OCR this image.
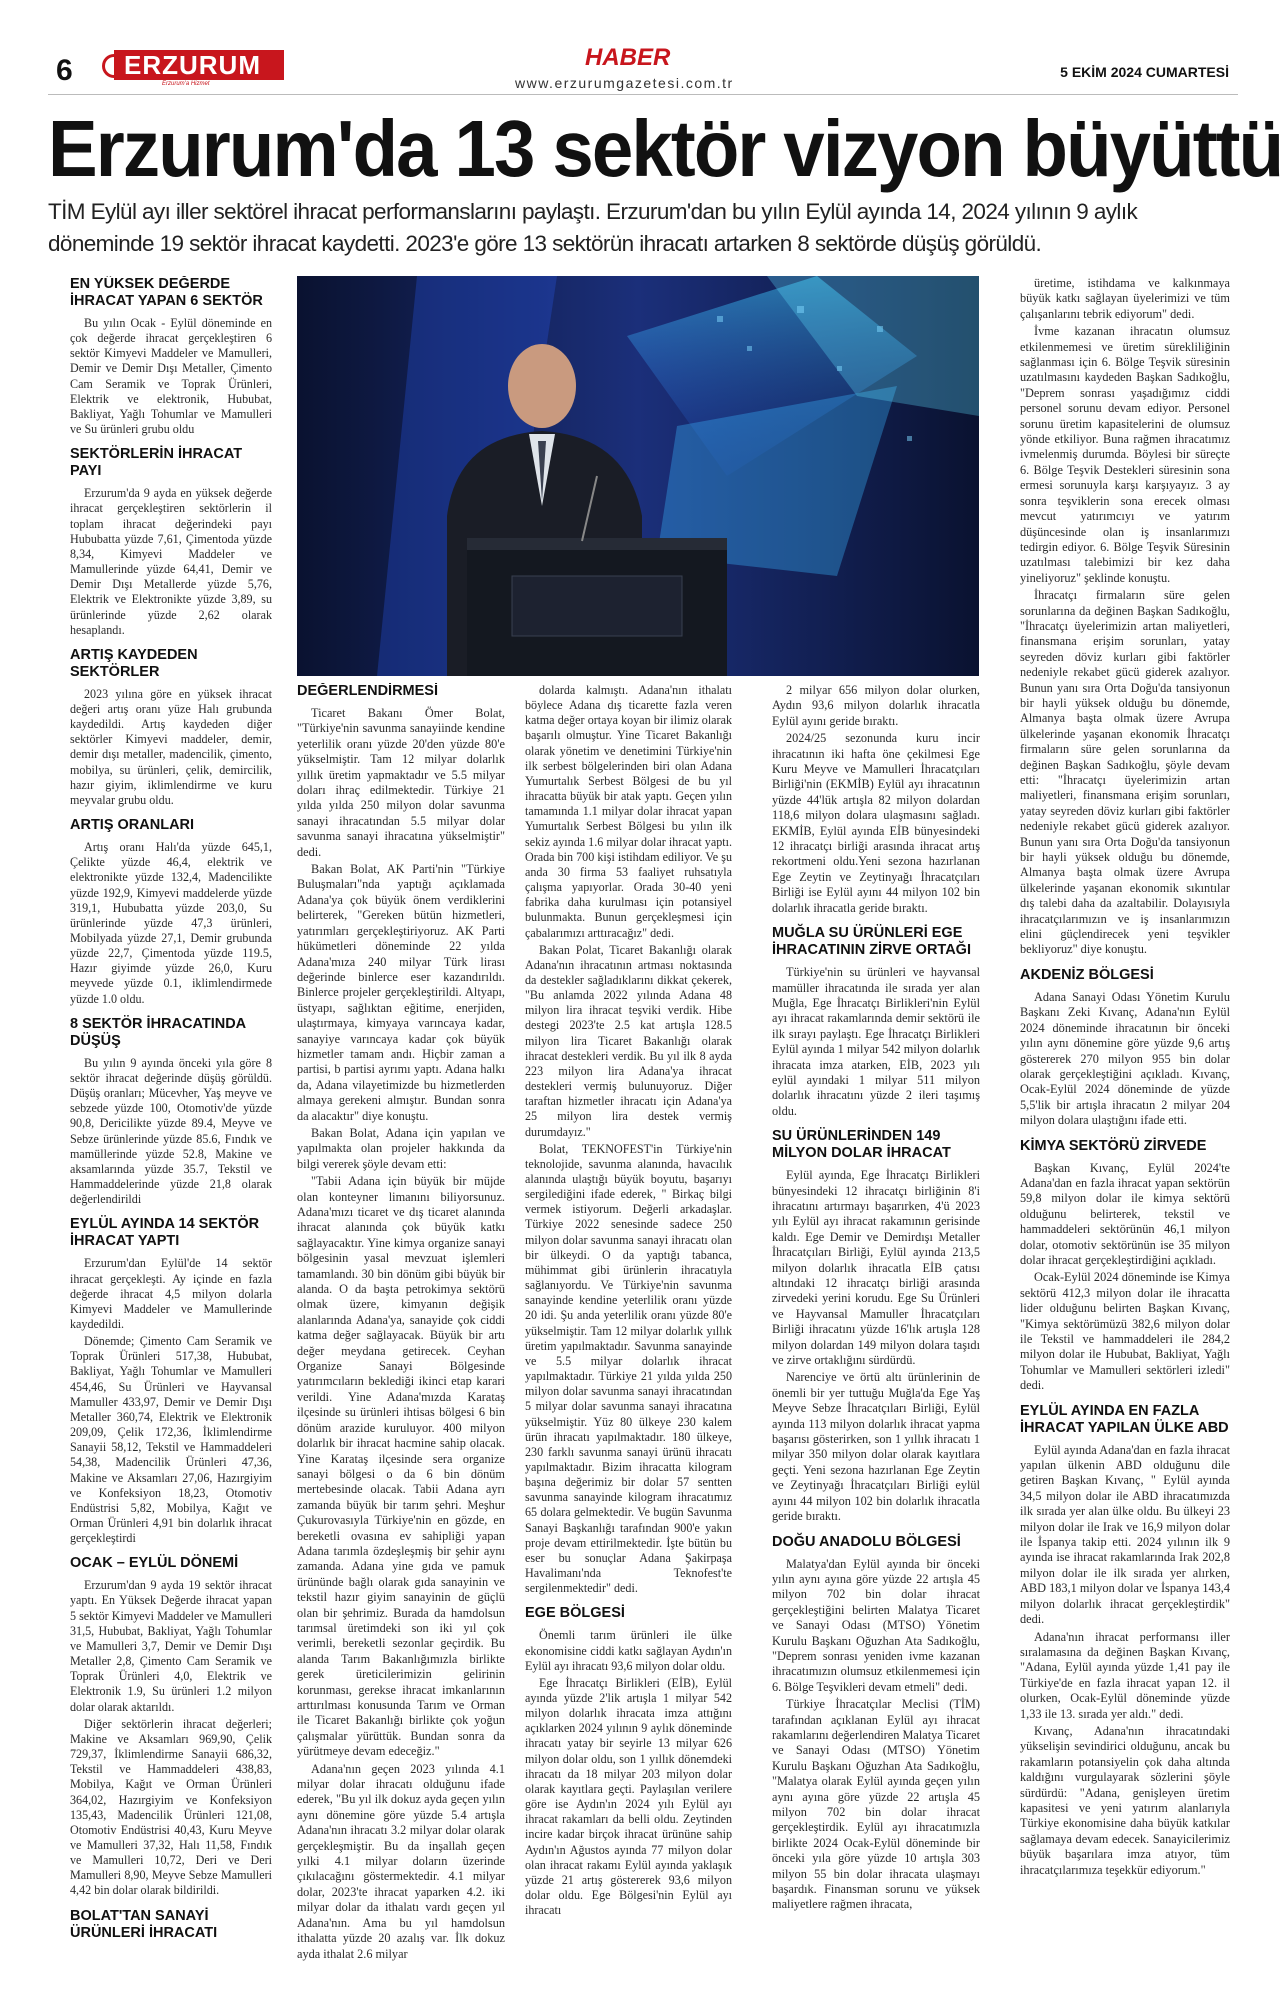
6 ERZURUM
Erzurum'a Hizmet
HABER
www.erzurumgazetesi.com.tr
5 EKİM 2024 CUMARTESİ
Erzurum'da 13 sektör vizyon büyüttü
TİM Eylül ayı iller sektörel ihracat performanslarını paylaştı. Erzurum'dan bu yılın Eylül ayında 14, 2024 yılının 9 aylık döneminde 19 sektör ihracat kaydetti. 2023'e göre 13 sektörün ihracatı artarken 8 sektörde düşüş görüldü.
EN YÜKSEK DEĞERDE İHRACAT YAPAN 6 SEKTÖR

Bu yılın Ocak - Eylül döneminde en çok değerde ihracat gerçekleştiren 6 sektör Kimyevi Maddeler ve Mamulleri, Demir ve Demir Dışı Metaller, Çimento Cam Seramik ve Toprak Ürünleri, Elektrik ve elektronik, Hububat, Bakliyat, Yağlı Tohumlar ve Mamulleri ve Su ürünleri grubu oldu

SEKTÖRLERİN İHRACAT PAYI

Erzurum'da 9 ayda en yüksek değerde ihracat gerçekleştiren sektörlerin il toplam ihracat değerindeki payı Hububatta yüzde 7,61, Çimentoda yüzde 8,34, Kimyevi Maddeler ve Mamullerinde yüzde 64,41, Demir ve Demir Dışı Metallerde yüzde 5,76, Elektrik ve Elektronikte yüzde 3,89, su ürünlerinde yüzde 2,62 olarak hesaplandı.

ARTIŞ KAYDEDEN SEKTÖRLER

2023 yılına göre en yüksek ihracat değeri artış oranı yüze Halı grubunda kaydedildi. Artış kaydeden diğer sektörler Kimyevi maddeler, demir, demir dışı metaller, madencilik, çimento, mobilya, su ürünleri, çelik, demircilik, hazır giyim, iklimlendirme ve kuru meyvalar grubu oldu.

ARTIŞ ORANLARI

Artış oranı Halı'da yüzde 645,1, Çelikte yüzde 46,4, elektrik ve elektronikte yüzde 132,4, Madencilikte yüzde 192,9, Kimyevi maddelerde yüzde 319,1, Hububatta yüzde 203,0, Su ürünlerinde yüzde 47,3 ürünleri, Mobilyada yüzde 27,1, Demir grubunda yüzde 22,7, Çimentoda yüzde 119.5, Hazır giyimde yüzde 26,0, Kuru meyvede yüzde 0.1, iklimlendirmede yüzde 1.0 oldu.

8 SEKTÖR İHRACATINDA DÜŞÜŞ

Bu yılın 9 ayında önceki yıla göre 8 sektör ihracat değerinde düşüş görüldü. Düşüş oranları; Mücevher, Yaş meyve ve sebzede yüzde 100, Otomotiv'de yüzde 90,8, Dericilikte yüzde 89.4, Meyve ve Sebze ürünlerinde yüzde 85.6, Fındık ve mamüllerinde yüzde 52.8, Makine ve aksamlarında yüzde 35.7, Tekstil ve Hammaddelerinde yüzde 21,8 olarak değerlendirildi

EYLÜL AYINDA 14 SEKTÖR İHRACAT YAPTI

Erzurum'dan Eylül'de 14 sektör ihracat gerçekleşti. Ay içinde en fazla değerde ihracat 4,5 milyon dolarla Kimyevi Maddeler ve Mamullerinde kaydedildi.

Dönemde; Çimento Cam Seramik ve Toprak Ürünleri 517,38, Hububat, Bakliyat, Yağlı Tohumlar ve Mamulleri 454,46, Su Ürünleri ve Hayvansal Mamuller 433,97, Demir ve Demir Dışı Metaller 360,74, Elektrik ve Elektronik 209,09, Çelik 172,36, İklimlendirme Sanayii 58,12, Tekstil ve Hammaddeleri 54,38, Madencilik Ürünleri 47,36, Makine ve Aksamları 27,06, Hazırgiyim ve Konfeksiyon 18,23, Otomotiv Endüstrisi 5,82, Mobilya, Kağıt ve Orman Ürünleri 4,91 bin dolarlık ihracat gerçekleştirdi

OCAK – EYLÜL DÖNEMİ

Erzurum'dan 9 ayda 19 sektör ihracat yaptı. En Yüksek Değerde ihracat yapan 5 sektör Kimyevi Maddeler ve Mamulleri 31,5, Hububat, Bakliyat, Yağlı Tohumlar ve Mamulleri 3,7, Demir ve Demir Dışı Metaller 2,8, Çimento Cam Seramik ve Toprak Ürünleri 4,0, Elektrik ve Elektronik 1.9, Su ürünleri 1.2 milyon dolar olarak aktarıldı.

Diğer sektörlerin ihracat değerleri; Makine ve Aksamları 969,90, Çelik 729,37, İklimlendirme Sanayii 686,32, Tekstil ve Hammaddeleri 438,83, Mobilya, Kağıt ve Orman Ürünleri 364,02, Hazırgiyim ve Konfeksiyon 135,43, Madencilik Ürünleri 121,08, Otomotiv Endüstrisi 40,43, Kuru Meyve ve Mamulleri 37,32, Halı 11,58, Fındık ve Mamulleri 10,72, Deri ve Deri Mamulleri 8,90, Meyve Sebze Mamulleri 4,42 bin dolar olarak bildirildi.

BOLAT'TAN SANAYİ ÜRÜNLERİ İHRACATI
DEĞERLENDİRMESİ

Ticaret Bakanı Ömer Bolat, "Türkiye'nin savunma sanayiinde kendine yeterlilik oranı yüzde 20'den yüzde 80'e yükselmiştir. Tam 12 milyar dolarlık yıllık üretim yapmaktadır ve 5.5 milyar doları ihraç edilmektedir. Türkiye 21 yılda yılda 250 milyon dolar savunma sanayi ihracatından 5.5 milyar dolar savunma sanayi ihracatına yükselmiştir" dedi.

Bakan Bolat, AK Parti'nin "Türkiye Buluşmaları"nda yaptığı açıklamada Adana'ya çok büyük önem verdiklerini belirterek, "Gereken bütün hizmetleri, yatırımları gerçekleştiriyoruz. AK Parti hükümetleri döneminde 22 yılda Adana'mıza 240 milyar Türk lirası değerinde binlerce eser kazandırıldı. Binlerce projeler gerçekleştirildi. Altyapı, üstyapı, sağlıktan eğitime, enerjiden, ulaştırmaya, kimyaya varıncaya kadar, sanayiye varıncaya kadar çok büyük hizmetler tamam andı. Hiçbir zaman a partisi, b partisi ayrımı yaptı. Adana halkı da, Adana vilayetimizde bu hizmetlerden almaya gerekeni almıştır. Bundan sonra da alacaktır" diye konuştu.

Bakan Bolat, Adana için yapılan ve yapılmakta olan projeler hakkında da bilgi vererek şöyle devam etti:

"Tabii Adana için büyük bir müjde olan konteyner limanını biliyorsunuz. Adana'mızı ticaret ve dış ticaret alanında ihracat alanında çok büyük katkı sağlayacaktır. Yine kimya organize sanayi bölgesinin yasal mevzuat işlemleri tamamlandı. 30 bin dönüm gibi büyük bir alanda. O da başta petrokimya sektörü olmak üzere, kimyanın değişik alanlarında Adana'ya, sanayide çok ciddi katma değer sağlayacak. Büyük bir artı değer meydana getirecek. Ceyhan Organize Sanayi Bölgesinde yatırımcıların beklediği ikinci etap karari verildi. Yine Adana'mızda Karataş ilçesinde su ürünleri ihtisas bölgesi 6 bin dönüm arazide kuruluyor. 400 milyon dolarlık bir ihracat hacmine sahip olacak. Yine Karataş ilçesinde sera organize sanayi bölgesi o da 6 bin dönüm mertebesinde olacak. Tabii Adana ayrı zamanda büyük bir tarım şehri. Meşhur Çukurovasıyla Türkiye'nin en gözde, en bereketli ovasına ev sahipliği yapan Adana tarımla özdeşleşmiş bir şehir aynı zamanda. Adana yine gıda ve pamuk ürününde bağlı olarak gıda sanayinin ve tekstil hazır giyim sanayinin de güçlü olan bir şehrimiz. Burada da hamdolsun tarımsal üretimdeki son iki yıl çok verimli, bereketli sezonlar geçirdik. Bu alanda Tarım Bakanlığımızla birlikte gerek üreticilerimizin gelirinin korunması, gerekse ihracat imkanlarının arttırılması konusunda Tarım ve Orman ile Ticaret Bakanlığı birlikte çok yoğun çalışmalar yürüttük. Bundan sonra da yürütmeye devam edeceğiz."

Adana'nın geçen 2023 yılında 4.1 milyar dolar ihracatı olduğunu ifade ederek, "Bu yıl ilk dokuz ayda geçen yılın aynı dönemine göre yüzde 5.4 artışla Adana'nın ihracatı 3.2 milyar dolar olarak gerçekleşmiştir. Bu da inşallah geçen yılki 4.1 milyar doların üzerinde çıkılacağını göstermektedir. 4.1 milyar dolar, 2023'te ihracat yaparken 4.2. iki milyar dolar da ithalatı vardı geçen yıl Adana'nın. Ama bu yıl hamdolsun ithalatta yüzde 20 azalış var. İlk dokuz ayda ithalat 2.6 milyar

dolarda kalmıştı. Adana'nın ithalatı böylece Adana dış ticarette fazla veren katma değer ortaya koyan bir ilimiz olarak başarılı olmuştur. Yine Ticaret Bakanlığı olarak yönetim ve denetimini Türkiye'nin ilk serbest bölgelerinden biri olan Adana Yumurtalık Serbest Bölgesi de bu yıl ihracatta büyük bir atak yaptı. Geçen yılın tamamında 1.1 milyar dolar ihracat yapan Yumurtalık Serbest Bölgesi bu yılın ilk sekiz ayında 1.6 milyar dolar ihracat yaptı. Orada bin 700 kişi istihdam ediliyor. Ve şu anda 30 firma 53 faaliyet ruhsatıyla çalışma yapıyorlar. Orada 30-40 yeni fabrika daha kurulması için potansiyel bulunmakta. Bunun gerçekleşmesi için çabalarımızı arttıracağız" dedi.

Bakan Polat, Ticaret Bakanlığı olarak Adana'nın ihracatının artması noktasında da destekler sağladıklarını dikkat çekerek, "Bu anlamda 2022 yılında Adana 48 milyon lira ihracat teşviki verdik. Hibe destegi 2023'te 2.5 kat artışla 128.5 milyon lira Ticaret Bakanlığı olarak ihracat destekleri verdik. Bu yıl ilk 8 ayda 223 milyon lira Adana'ya ihracat destekleri vermiş bulunuyoruz. Diğer taraftan hizmetler ihracatı için Adana'ya 25 milyon lira destek vermiş durumdayız."

Bolat, TEKNOFEST'in Türkiye'nin teknolojide, savunma alanında, havacılık alanında ulaştığı büyük boyutu, başarıyı sergilediğini ifade ederek, " Birkaç bilgi vermek istiyorum. Değerli arkadaşlar. Türkiye 2022 senesinde sadece 250 milyon dolar savunma sanayi ihracatı olan bir ülkeydi. O da yaptığı tabanca, mühimmat gibi ürünlerin ihracatıyla sağlanıyordu. Ve Türkiye'nin savunma sanayinde kendine yeterlilik oranı yüzde 20 idi. Şu anda yeterlilik oranı yüzde 80'e yükselmiştir. Tam 12 milyar dolarlık yıllık üretim yapılmaktadır. Savunma sanayinde ve 5.5 milyar dolarlık ihracat yapılmaktadır. Türkiye 21 yılda yılda 250 milyon dolar savunma sanayi ihracatından 5 milyar dolar savunma sanayi ihracatına yükselmiştir. Yüz 80 ülkeye 230 kalem ürün ihracatı yapılmaktadır. 180 ülkeye, 230 farklı savunma sanayi ürünü ihracatı yapılmaktadır. Bizim ihracatta kilogram başına değerimiz bir dolar 57 sentten savunma sanayinde kilogram ihracatımız 65 dolara gelmektedir. Ve bugün Savunma Sanayi Başkanlığı tarafından 900'e yakın proje devam ettirilmektedir. İşte bütün bu eser bu sonuçlar Adana Şakirpaşa Havalimanı'nda Teknofest'te sergilenmektedir" dedi.

EGE BÖLGESİ

Önemli tarım ürünleri ile ülke ekonomisine ciddi katkı sağlayan Aydın'ın Eylül ayı ihracatı 93,6 milyon dolar oldu.

Ege İhracatçı Birlikleri (EİB), Eylül ayında yüzde 2'lik artışla 1 milyar 542 milyon dolarlık ihracata imza attığını açıklarken 2024 yılının 9 aylık döneminde ihracatı yatay bir seyirle 13 milyar 626 milyon dolar oldu, son 1 yıllık dönemdeki ihracatı da 18 milyar 203 milyon dolar olarak kayıtlara geçti. Paylaşılan verilere göre ise Aydın'ın 2024 yılı Eylül ayı ihracat rakamları da belli oldu. Zeytinden incire kadar birçok ihracat ürününe sahip Aydın'ın Ağustos ayında 77 milyon dolar olan ihracat rakamı Eylül ayında yaklaşık yüzde 21 artış göstererek 93,6 milyon dolar oldu. Ege Bölgesi'nin Eylül ayı ihracatı

2 milyar 656 milyon dolar olurken, Aydın 93,6 milyon dolarlık ihracatla Eylül ayını geride bıraktı.

2024/25 sezonunda kuru incir ihracatının iki hafta öne çekilmesi Ege Kuru Meyve ve Mamulleri İhracatçıları Birliği'nin (EKMİB) Eylül ayı ihracatının yüzde 44'lük artışla 82 milyon dolardan 118,6 milyon dolara ulaşmasını sağladı. EKMİB, Eylül ayında EİB bünyesindeki 12 ihracatçı birliği arasında ihracat artış rekortmeni oldu.Yeni sezona hazırlanan Ege Zeytin ve Zeytinyağı İhracatçıları Birliği ise Eylül ayını 44 milyon 102 bin dolarlık ihracatla geride bıraktı.

MUĞLA SU ÜRÜNLERİ EGE İHRACATININ ZİRVE ORTAĞI

Türkiye'nin su ürünleri ve hayvansal mamüller ihracatında ile sırada yer alan Muğla, Ege İhracatçı Birlikleri'nin Eylül ayı ihracat rakamlarında demir sektörü ile ilk sırayı paylaştı. Ege İhracatçı Birlikleri Eylül ayında 1 milyar 542 milyon dolarlık ihracata imza atarken, EİB, 2023 yılı eylül ayındaki 1 milyar 511 milyon dolarlık ihracatını yüzde 2 ileri taşımış oldu.

SU ÜRÜNLERİNDEN 149 MİLYON DOLAR İHRACAT

Eylül ayında, Ege İhracatçı Birlikleri bünyesindeki 12 ihracatçı birliğinin 8'i ihracatını artırmayı başarırken, 4'ü 2023 yılı Eylül ayı ihracat rakamının gerisinde kaldı. Ege Demir ve Demirdışı Metaller İhracatçıları Birliği, Eylül ayında 213,5 milyon dolarlık ihracatla EİB çatısı altındaki 12 ihracatçı birliği arasında zirvedeki yerini korudu. Ege Su Ürünleri ve Hayvansal Mamuller İhracatçıları Birliği ihracatını yüzde 16'lık artışla 128 milyon dolardan 149 milyon dolara taşıdı ve zirve ortaklığını sürdürdü.

Narenciye ve örtü altı ürünlerinin de önemli bir yer tuttuğu Muğla'da Ege Yaş Meyve Sebze İhracatçıları Birliği, Eylül ayında 113 milyon dolarlık ihracat yapma başarısı gösterirken, son 1 yıllık ihracatı 1 milyar 350 milyon dolar olarak kayıtlara geçti. Yeni sezona hazırlanan Ege Zeytin ve Zeytinyağı İhracatçıları Birliği eylül ayını 44 milyon 102 bin dolarlık ihracatla geride bıraktı.

DOĞU ANADOLU BÖLGESİ

Malatya'dan Eylül ayında bir önceki yılın aynı ayına göre yüzde 22 artışla 45 milyon 702 bin dolar ihracat gerçekleştiğini belirten Malatya Ticaret ve Sanayi Odası (MTSO) Yönetim Kurulu Başkanı Oğuzhan Ata Sadıkoğlu, "Deprem sonrası yeniden ivme kazanan ihracatımızın olumsuz etkilenmemesi için 6. Bölge Teşvikleri devam etmeli" dedi.

Türkiye İhracatçılar Meclisi (TİM) tarafından açıklanan Eylül ayı ihracat rakamlarını değerlendiren Malatya Ticaret ve Sanayi Odası (MTSO) Yönetim Kurulu Başkanı Oğuzhan Ata Sadıkoğlu, "Malatya olarak Eylül ayında geçen yılın aynı ayına göre yüzde 22 artışla 45 milyon 702 bin dolar ihracat gerçekleştirdik. Eylül ayı ihracatımızla birlikte 2024 Ocak-Eylül döneminde bir önceki yıla göre yüzde 10 artışla 303 milyon 55 bin dolar ihracata ulaşmayı başardık. Finansman sorunu ve yüksek maliyetlere rağmen ihracata,

üretime, istihdama ve kalkınmaya büyük katkı sağlayan üyelerimizi ve tüm çalışanlarını tebrik ediyorum" dedi.

İvme kazanan ihracatın olumsuz etkilenmemesi ve üretim sürekliliğinin sağlanması için 6. Bölge Teşvik süresinin uzatılmasını kaydeden Başkan Sadıkoğlu, "Deprem sonrası yaşadığımız ciddi personel sorunu devam ediyor. Personel sorunu üretim kapasitelerini de olumsuz yönde etkiliyor. Buna rağmen ihracatımız ivmelenmiş durumda. Böylesi bir süreçte 6. Bölge Teşvik Destekleri süresinin sona ermesi sorunuyla karşı karşıyayız. 3 ay sonra teşviklerin sona erecek olması mevcut yatırımcıyı ve yatırım düşüncesinde olan iş insanlarımızı tedirgin ediyor. 6. Bölge Teşvik Süresinin uzatılması talebimizi bir kez daha yineliyoruz" şeklinde konuştu.

İhracatçı firmaların süre gelen sorunlarına da değinen Başkan Sadıkoğlu, "İhracatçı üyelerimizin artan maliyetleri, finansmana erişim sorunları, yatay seyreden döviz kurları gibi faktörler nedeniyle rekabet gücü giderek azalıyor. Bunun yanı sıra Orta Doğu'da tansiyonun bir hayli yüksek olduğu bu dönemde, Almanya başta olmak üzere Avrupa ülkelerinde yaşanan ekonomik İhracatçı firmaların süre gelen sorunlarına da değinen Başkan Sadıkoğlu, şöyle devam etti: "İhracatçı üyelerimizin artan maliyetleri, finansmana erişim sorunları, yatay seyreden döviz kurları gibi faktörler nedeniyle rekabet gücü giderek azalıyor. Bunun yanı sıra Orta Doğu'da tansiyonun bir hayli yüksek olduğu bu dönemde, Almanya başta olmak üzere Avrupa ülkelerinde yaşanan ekonomik sıkıntılar dış talebi daha da azaltabilir. Dolayısıyla ihracatçılarımızın ve iş insanlarımızın elini güçlendirecek yeni teşvikler bekliyoruz" diye konuştu.

AKDENİZ BÖLGESİ

Adana Sanayi Odası Yönetim Kurulu Başkanı Zeki Kıvanç, Adana'nın Eylül 2024 döneminde ihracatının bir önceki yılın aynı dönemine göre yüzde 9,6 artış göstererek 270 milyon 955 bin dolar olarak gerçekleştiğini açıkladı. Kıvanç, Ocak-Eylül 2024 döneminde de yüzde 5,5'lik bir artışla ihracatın 2 milyar 204 milyon dolara ulaştığını ifade etti.

KİMYA SEKTÖRÜ ZİRVEDE

Başkan Kıvanç, Eylül 2024'te Adana'dan en fazla ihracat yapan sektörün 59,8 milyon dolar ile kimya sektörü olduğunu belirterek, tekstil ve hammaddeleri sektörünün 46,1 milyon dolar, otomotiv sektörünün ise 35 milyon dolar ihracat gerçekleştirdiğini açıkladı.

Ocak-Eylül 2024 döneminde ise Kimya sektörü 412,3 milyon dolar ile ihracatta lider olduğunu belirten Başkan Kıvanç, "Kimya sektörümüzü 382,6 milyon dolar ile Tekstil ve hammaddeleri ile 284,2 milyon dolar ile Hububat, Bakliyat, Yağlı Tohumlar ve Mamulleri sektörleri izledi" dedi.

EYLÜL AYINDA EN FAZLA İHRACAT YAPILAN ÜLKE ABD

Eylül ayında Adana'dan en fazla ihracat yapılan ülkenin ABD olduğunu dile getiren Başkan Kıvanç, " Eylül ayında 34,5 milyon dolar ile ABD ihracatımızda ilk sırada yer alan ülke oldu. Bu ülkeyi 23 milyon dolar ile Irak ve 16,9 milyon dolar ile İspanya takip etti. 2024 yılının ilk 9 ayında ise ihracat rakamlarında Irak 202,8 milyon dolar ile ilk sırada yer alırken, ABD 183,1 milyon dolar ve İspanya 143,4 milyon dolarlık ihracat gerçekleştirdik" dedi.

Adana'nın ihracat performansı iller sıralamasına da değinen Başkan Kıvanç, "Adana, Eylül ayında yüzde 1,41 pay ile Türkiye'de en fazla ihracat yapan 12. il olurken, Ocak-Eylül döneminde yüzde 1,33 ile 13. sırada yer aldı." dedi.

Kıvanç, Adana'nın ihracatındaki yükselişin sevindirici olduğunu, ancak bu rakamların potansiyelin çok daha altında kaldığını vurgulayarak sözlerini şöyle sürdürdü: "Adana, genişleyen üretim kapasitesi ve yeni yatırım alanlarıyla Türkiye ekonomisine daha büyük katkılar sağlamaya devam edecek. Sanayicilerimiz büyük başarılara imza atıyor, tüm ihracatçılarımıza teşekkür ediyorum."
